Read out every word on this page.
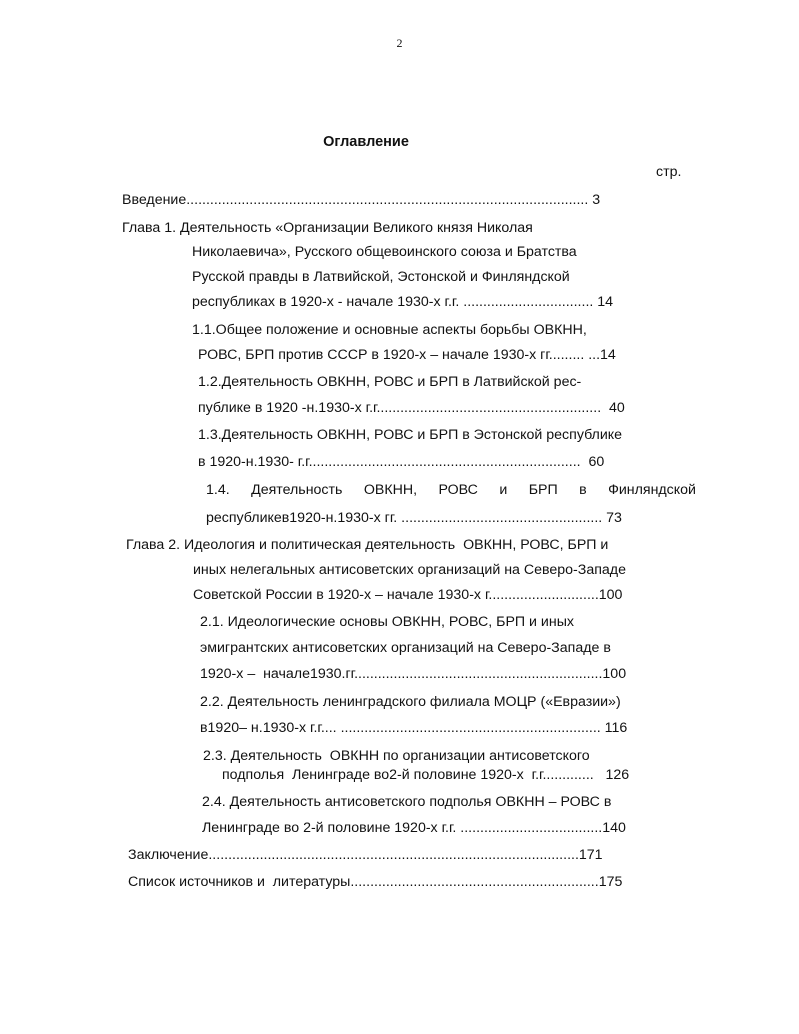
2
Оглавление
стр.
Введение...................................................................................................... 3
Глава 1. Деятельность «Организации Великого князя Николая
Николаевича», Русского общевоинского союза и Братства
Русской правды в Латвийской, Эстонской и Финляндской
республиках в 1920-х - начале 1930-х г.г. ................................. 14
1.1.Общее положение и основные аспекты борьбы ОВКНН,
РОВС, БРП против СССР в 1920-х – начале 1930-х гг......... ...14
1.2.Деятельность ОВКНН, РОВС и БРП в Латвийской рес-
публике в 1920 -н.1930-х г.г.........................................................  40
1.3.Деятельность ОВКНН, РОВС и БРП в Эстонской республике
в 1920-н.1930- г.г.....................................................................  60
1.4. Деятельность ОВКНН, РОВС и БРП в Финляндской
республикев1920-н.1930-х гг. ................................................... 73
Глава 2. Идеология и политическая деятельность  ОВКНН, РОВС, БРП и
иных нелегальных антисоветских организаций на Северо-Западе
Советской России в 1920-х – начале 1930-х г............................100
2.1. Идеологические основы ОВКНН, РОВС, БРП и иных
эмигрантских антисоветских организаций на Северо-Западе в
1920-х –  начале1930.гг...............................................................100
2.2. Деятельность ленинградского филиала МОЦР («Евразии»)
в1920– н.1930-х г.г.... .................................................................. 116
2.3. Деятельность  ОВКНН по организации антисоветского
подполья  Ленинграде во2-й половине 1920-х  г.г.............   126
2.4. Деятельность антисоветского подполья ОВКНН – РОВС в
Ленинграде во 2-й половине 1920-х г.г. ....................................140
Заключение..............................................................................................171
Список источников и  литературы...............................................................175
